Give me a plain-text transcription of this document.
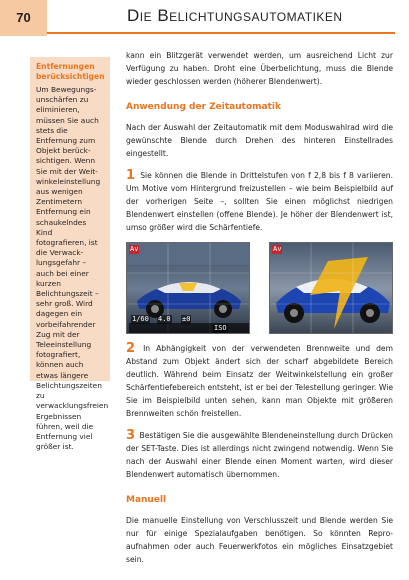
70	Die Belichtungsautomatiken
Entfernungen berücksichtigen
Um Bewegungsunschärfen zu eliminieren, müssen Sie auch stets die Entfernung zum Objekt berücksichtigen. Wenn Sie mit der Weitwinkeleinstellung aus wenigen Zentimetern Entfernung ein schaukelndes Kind fotografieren, ist die Verwacklungsgefahr – auch bei einer kurzen Belichtungszeit – sehr groß. Wird dagegen ein vorbeifahrender Zug mit der Teleeinstellung fotografiert, können auch etwas längere Belichtungszeiten zu verwacklungsfreien Ergebnissen führen, weil die Entfernung viel größer ist.

kann ein Blitzgerät verwendet werden, um ausreichend Licht zur Verfügung zu haben. Droht eine Überbelichtung, muss die Blende wieder geschlossen werden (höherer Blendenwert).

Anwendung der Zeitautomatik

Nach der Auswahl der Zeitautomatik mit dem Moduswahlrad wird die gewünschte Blende durch Drehen des hinteren Einstellrades eingestellt.

1 Sie können die Blende in Drittelstufen von f 2,8 bis f 8 variieren. Um Motive vom Hintergrund freizustellen – wie beim Beispielbild auf der vorherigen Seite –, sollten Sie einen möglichst niedrigen Blendenwert einstellen (offene Blende). Je höher der Blendenwert ist, umso größer wird die Schärfentiefe.

Av
1/60 4.0 ±0
ISO
Av

2 In Abhängigkeit von der verwendeten Brennweite und dem Abstand zum Objekt ändert sich der scharf abgebildete Bereich deutlich. Während beim Einsatz der Weitwinkelstellung ein großer Schärfentiefebereich entsteht, ist er bei der Telestellung geringer. Wie Sie im Beispielbild unten sehen, kann man Objekte mit größeren Brennweiten schön freistellen.

3 Bestätigen Sie die ausgewählte Blendeneinstellung durch Drücken der SET-Taste. Dies ist allerdings nicht zwingend notwendig. Wenn Sie nach der Auswahl einer Blende einen Moment warten, wird dieser Blendenwert automatisch übernommen.

Manuell

Die manuelle Einstellung von Verschlusszeit und Blende werden Sie nur für einige Spezialaufgaben benötigen. So könnten Reproaufnahmen oder auch Feuerwerkfotos ein mögliches Einsatzgebiet sein.
